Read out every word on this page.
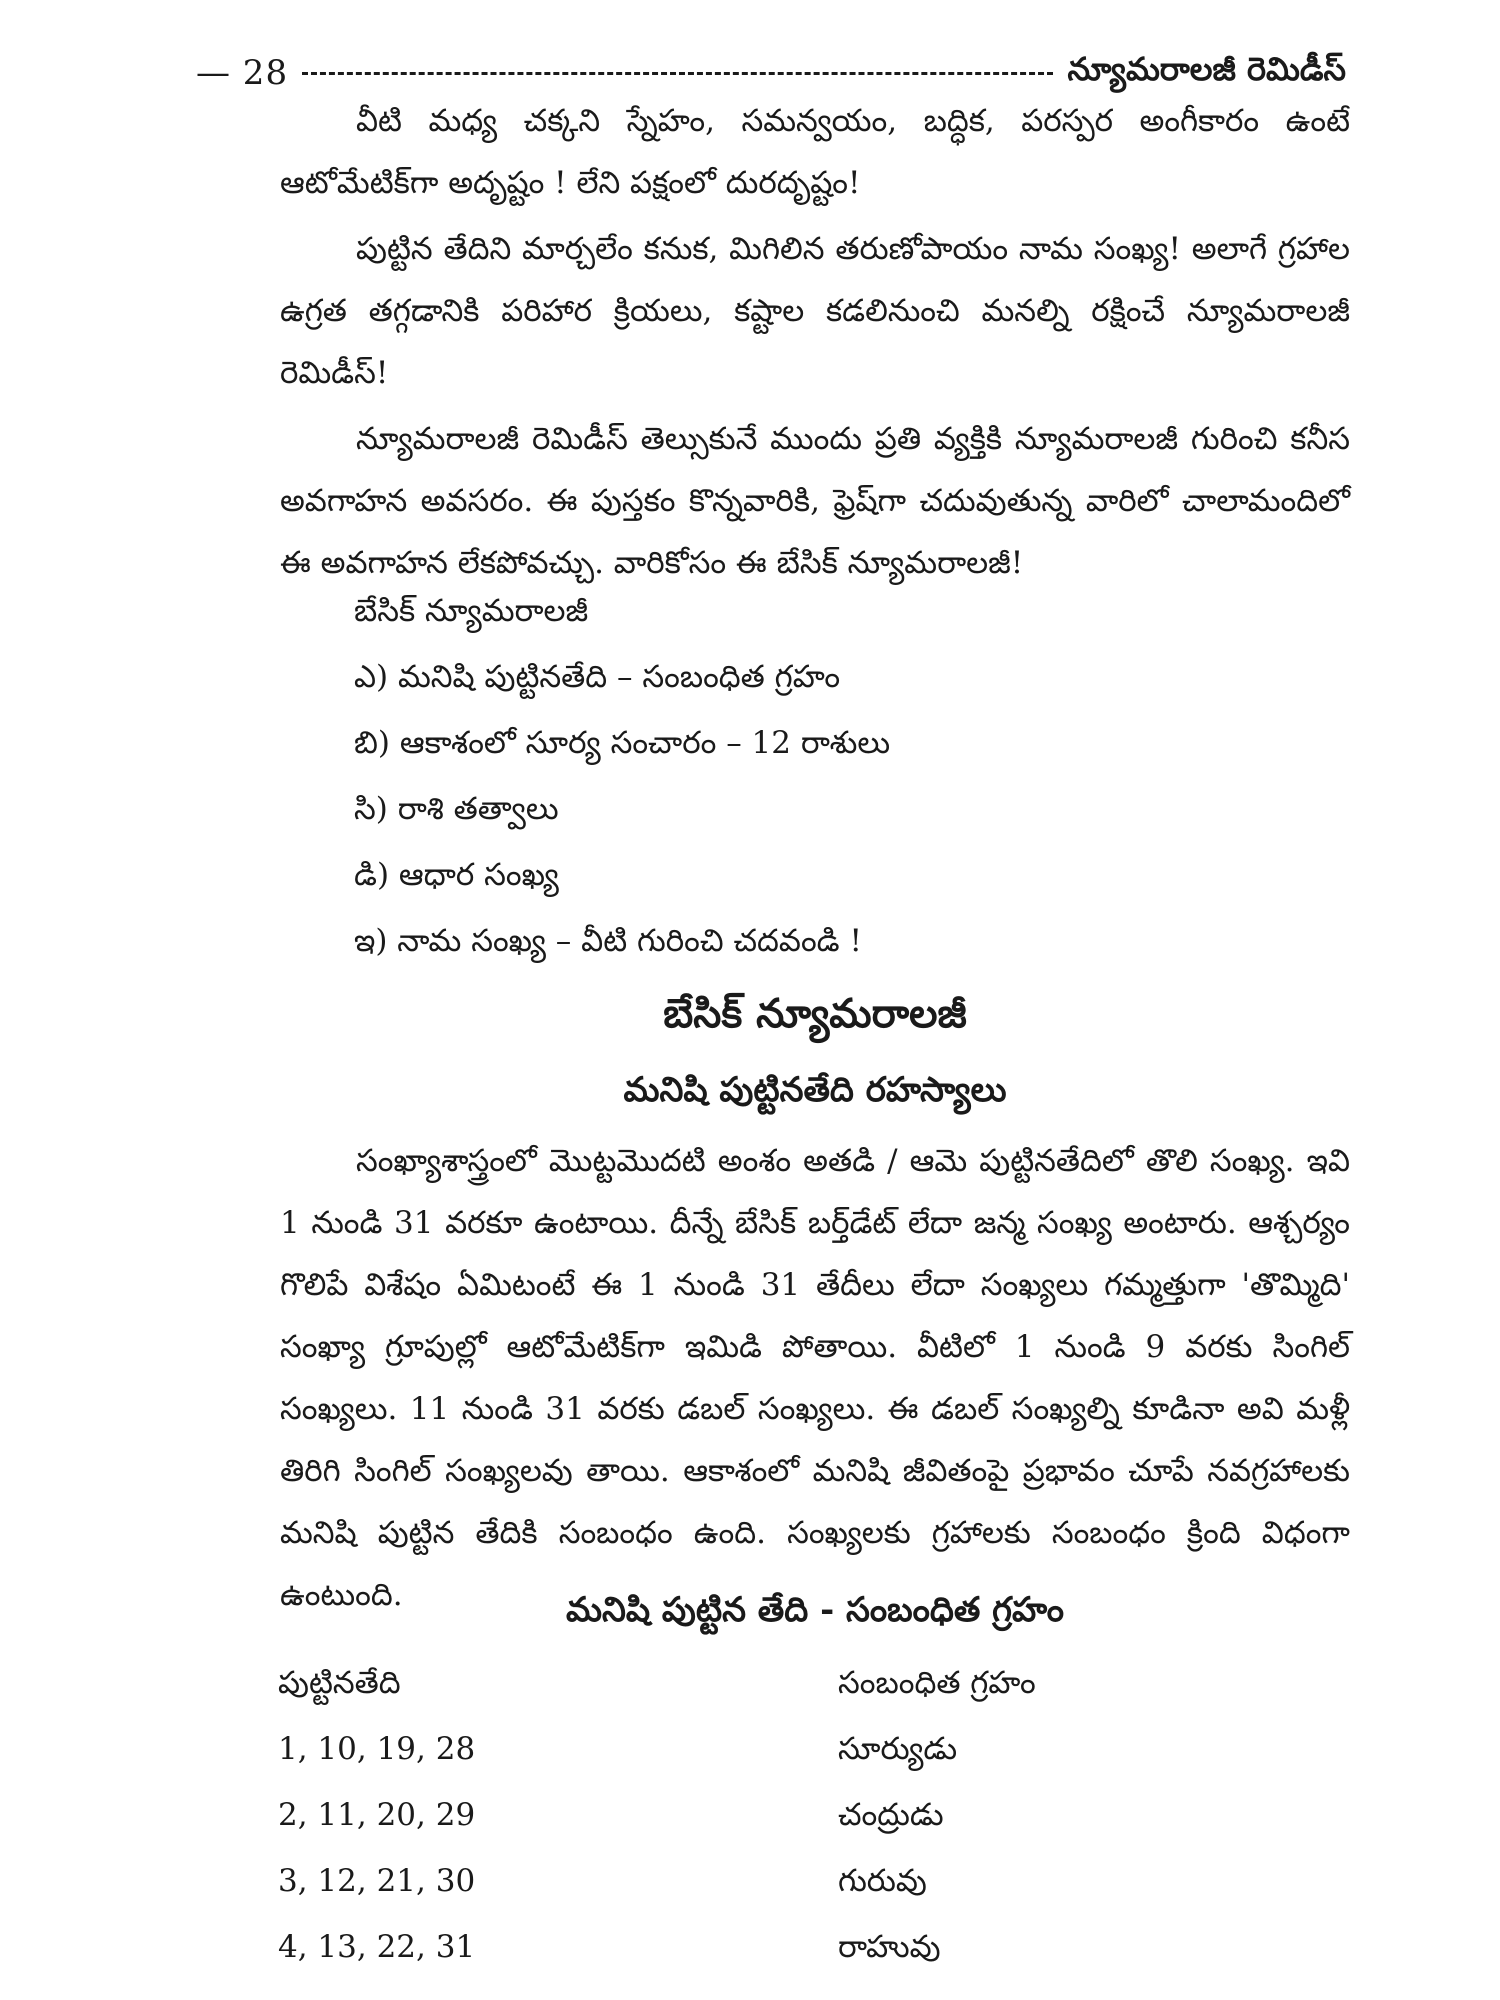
— 28	న్యూమరాలజీ రెమిడీస్

వీటి మధ్య చక్కని స్నేహం, సమన్వయం, బద్ధిక, పరస్పర అంగీకారం ఉంటే ఆటోమేటిక్‌గా అదృష్టం ! లేని పక్షంలో దురదృష్టం!

పుట్టిన తేదిని మార్చలేం కనుక, మిగిలిన తరుణోపాయం నామ సంఖ్య! అలాగే గ్రహాల ఉగ్రత తగ్గడానికి పరిహార క్రియలు, కష్టాల కడలినుంచి మనల్ని రక్షించే న్యూమరాలజీ రెమిడీస్!

న్యూమరాలజీ రెమిడీస్ తెల్సుకునే ముందు ప్రతి వ్యక్తికి న్యూమరాలజీ గురించి కనీస అవగాహన అవసరం. ఈ పుస్తకం కొన్నవారికి, ఫ్రెష్‌గా చదువుతున్న వారిలో చాలామందిలో ఈ అవగాహన లేకపోవచ్చు. వారికోసం ఈ బేసిక్ న్యూమరాలజీ!

బేసిక్ న్యూమరాలజీ
ఎ) మనిషి పుట్టినతేది – సంబంధిత గ్రహం
బి) ఆకాశంలో సూర్య సంచారం – 12 రాశులు
సి) రాశి తత్వాలు
డి) ఆధార సంఖ్య
ఇ) నామ సంఖ్య – వీటి గురించి చదవండి !
బేసిక్ న్యూమరాలజీ
మనిషి పుట్టినతేది రహస్యాలు

సంఖ్యాశాస్త్రంలో మొట్టమొదటి అంశం అతడి / ఆమె పుట్టినతేదిలో తొలి సంఖ్య. ఇవి 1 నుండి 31 వరకూ ఉంటాయి. దీన్నే బేసిక్ బర్త్‌డేట్ లేదా జన్మ సంఖ్య అంటారు. ఆశ్చర్యం గొలిపే విశేషం ఏమిటంటే ఈ 1 నుండి 31 తేదీలు లేదా సంఖ్యలు గమ్మత్తుగా 'తొమ్మిది' సంఖ్యా గ్రూపుల్లో ఆటోమేటిక్‌గా ఇమిడి పోతాయి. వీటిలో 1 నుండి 9 వరకు సింగిల్ సంఖ్యలు. 11 నుండి 31 వరకు డబల్ సంఖ్యలు. ఈ డబల్ సంఖ్యల్ని కూడినా అవి మళ్లీ తిరిగి సింగిల్ సంఖ్యలవు తాయి. ఆకాశంలో మనిషి జీవితంపై ప్రభావం చూపే నవగ్రహాలకు మనిషి పుట్టిన తేదికి సంబంధం ఉంది. సంఖ్యలకు గ్రహాలకు సంబంధం క్రింది విధంగా ఉంటుంది.	మనిషి పుట్టిన తేది - సంబంధిత గ్రహం
పుట్టినతేది	సంబంధిత గ్రహం
1, 10, 19, 28	సూర్యుడు
2, 11, 20, 29	చంద్రుడు
3, 12, 21, 30	గురువు
4, 13, 22, 31	రాహువు
